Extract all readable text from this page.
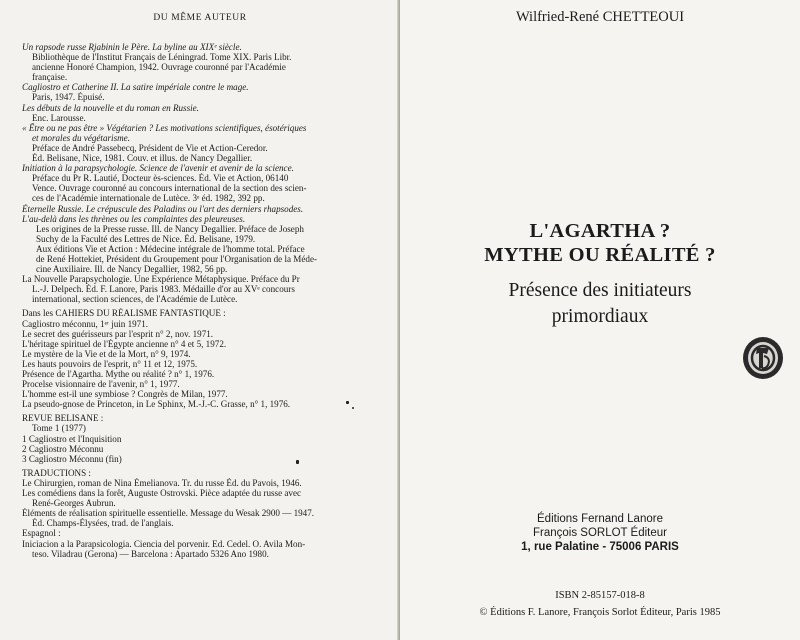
DU MÊME AUTEUR
Un rapsode russe Rjabinin le Père. La byline au XIXᵉ siècle.
Bibliothèque de l'Institut Français de Léningrad. Tome XIX. Paris Libr.
ancienne Honoré Champion, 1942. Ouvrage couronné par l'Académie
française.
Cagliostro et Catherine II. La satire impériale contre le mage.
Paris, 1947. Épuisé.
Les débuts de la nouvelle et du roman en Russie.
Enc. Larousse.
« Être ou ne pas être » Végétarien ? Les motivations scientifiques, ésotériques
et morales du végétarisme.
Préface de André Passebecq, Président de Vie et Action-Ceredor.
Éd. Belisane, Nice, 1981. Couv. et illus. de Nancy Degallier.
Initiation à la parapsychologie. Science de l'avenir et avenir de la science.
Préface du Pr R. Lautié, Docteur ès-sciences. Éd. Vie et Action, 06140
Vence. Ouvrage couronné au concours international de la section des scien-
ces de l'Académie internationale de Lutèce. 3ᵉ éd. 1982, 392 pp.
Éternelle Russie. Le crépuscule des Paladins ou l'art des derniers rhapsodes.
L'au-delà dans les thrènes ou les complaintes des pleureuses.
Les origines de la Presse russe. Ill. de Nancy Degallier. Préface de Joseph
Suchy de la Faculté des Lettres de Nice. Éd. Belisane, 1979.
Aux éditions Vie et Action : Médecine intégrale de l'homme total. Préface
de René Hottekiet, Président du Groupement pour l'Organisation de la Méde-
cine Auxiliaire. Ill. de Nancy Degallier, 1982, 56 pp.
La Nouvelle Parapsychologie. Une Expérience Métaphysique. Préface du Pr
L.-J. Delpech. Éd. F. Lanore, Paris 1983. Médaille d'or au XVᵉ concours
international, section sciences, de l'Académie de Lutèce.
Dans les CAHIERS DU RÉALISME FANTASTIQUE :
Cagliostro méconnu, 1ᵉʳ juin 1971.
Le secret des guérisseurs par l'esprit n° 2, nov. 1971.
L'héritage spirituel de l'Égypte ancienne n° 4 et 5, 1972.
Le mystère de la Vie et de la Mort, n° 9, 1974.
Les hauts pouvoirs de l'esprit, n° 11 et 12, 1975.
Présence de l'Agartha. Mythe ou réalité ? n° 1, 1976.
Procelse visionnaire de l'avenir, n° 1, 1977.
L'homme est-il une symbiose ? Congrès de Milan, 1977.
La pseudo-gnose de Princeton, in Le Sphinx, M.-J.-C. Grasse, n° 1, 1976.
REVUE BELISANE :
Tome 1 (1977)
1 Cagliostro et l'Inquisition
2 Cagliostro Méconnu
3 Cagliostro Méconnu (fin)
TRADUCTIONS :
Le Chirurgien, roman de Nina Émelianova. Tr. du russe Éd. du Pavois, 1946.
Les comédiens dans la forêt, Auguste Ostrovski. Pièce adaptée du russe avec
René-Georges Aubrun.
Éléments de réalisation spirituelle essentielle. Message du Wesak 2900 — 1947.
Éd. Champs-Élysées, trad. de l'anglais.
Espagnol :
Iniciacion a la Parapsicologia. Ciencia del porvenir. Ed. Cedel. O. Avila Mon-
teso. Viladrau (Gerona) — Barcelona : Apartado 5326 Ano 1980.
Wilfried-René CHETTEOUI
L'AGARTHA ?
MYTHE OU RÉALITÉ ?
Présence des initiateurs
primordiaux
Éditions Fernand Lanore
François SORLOT Éditeur
1, rue Palatine - 75006 PARIS
ISBN 2-85157-018-8
© Éditions F. Lanore, François Sorlot Éditeur, Paris 1985
